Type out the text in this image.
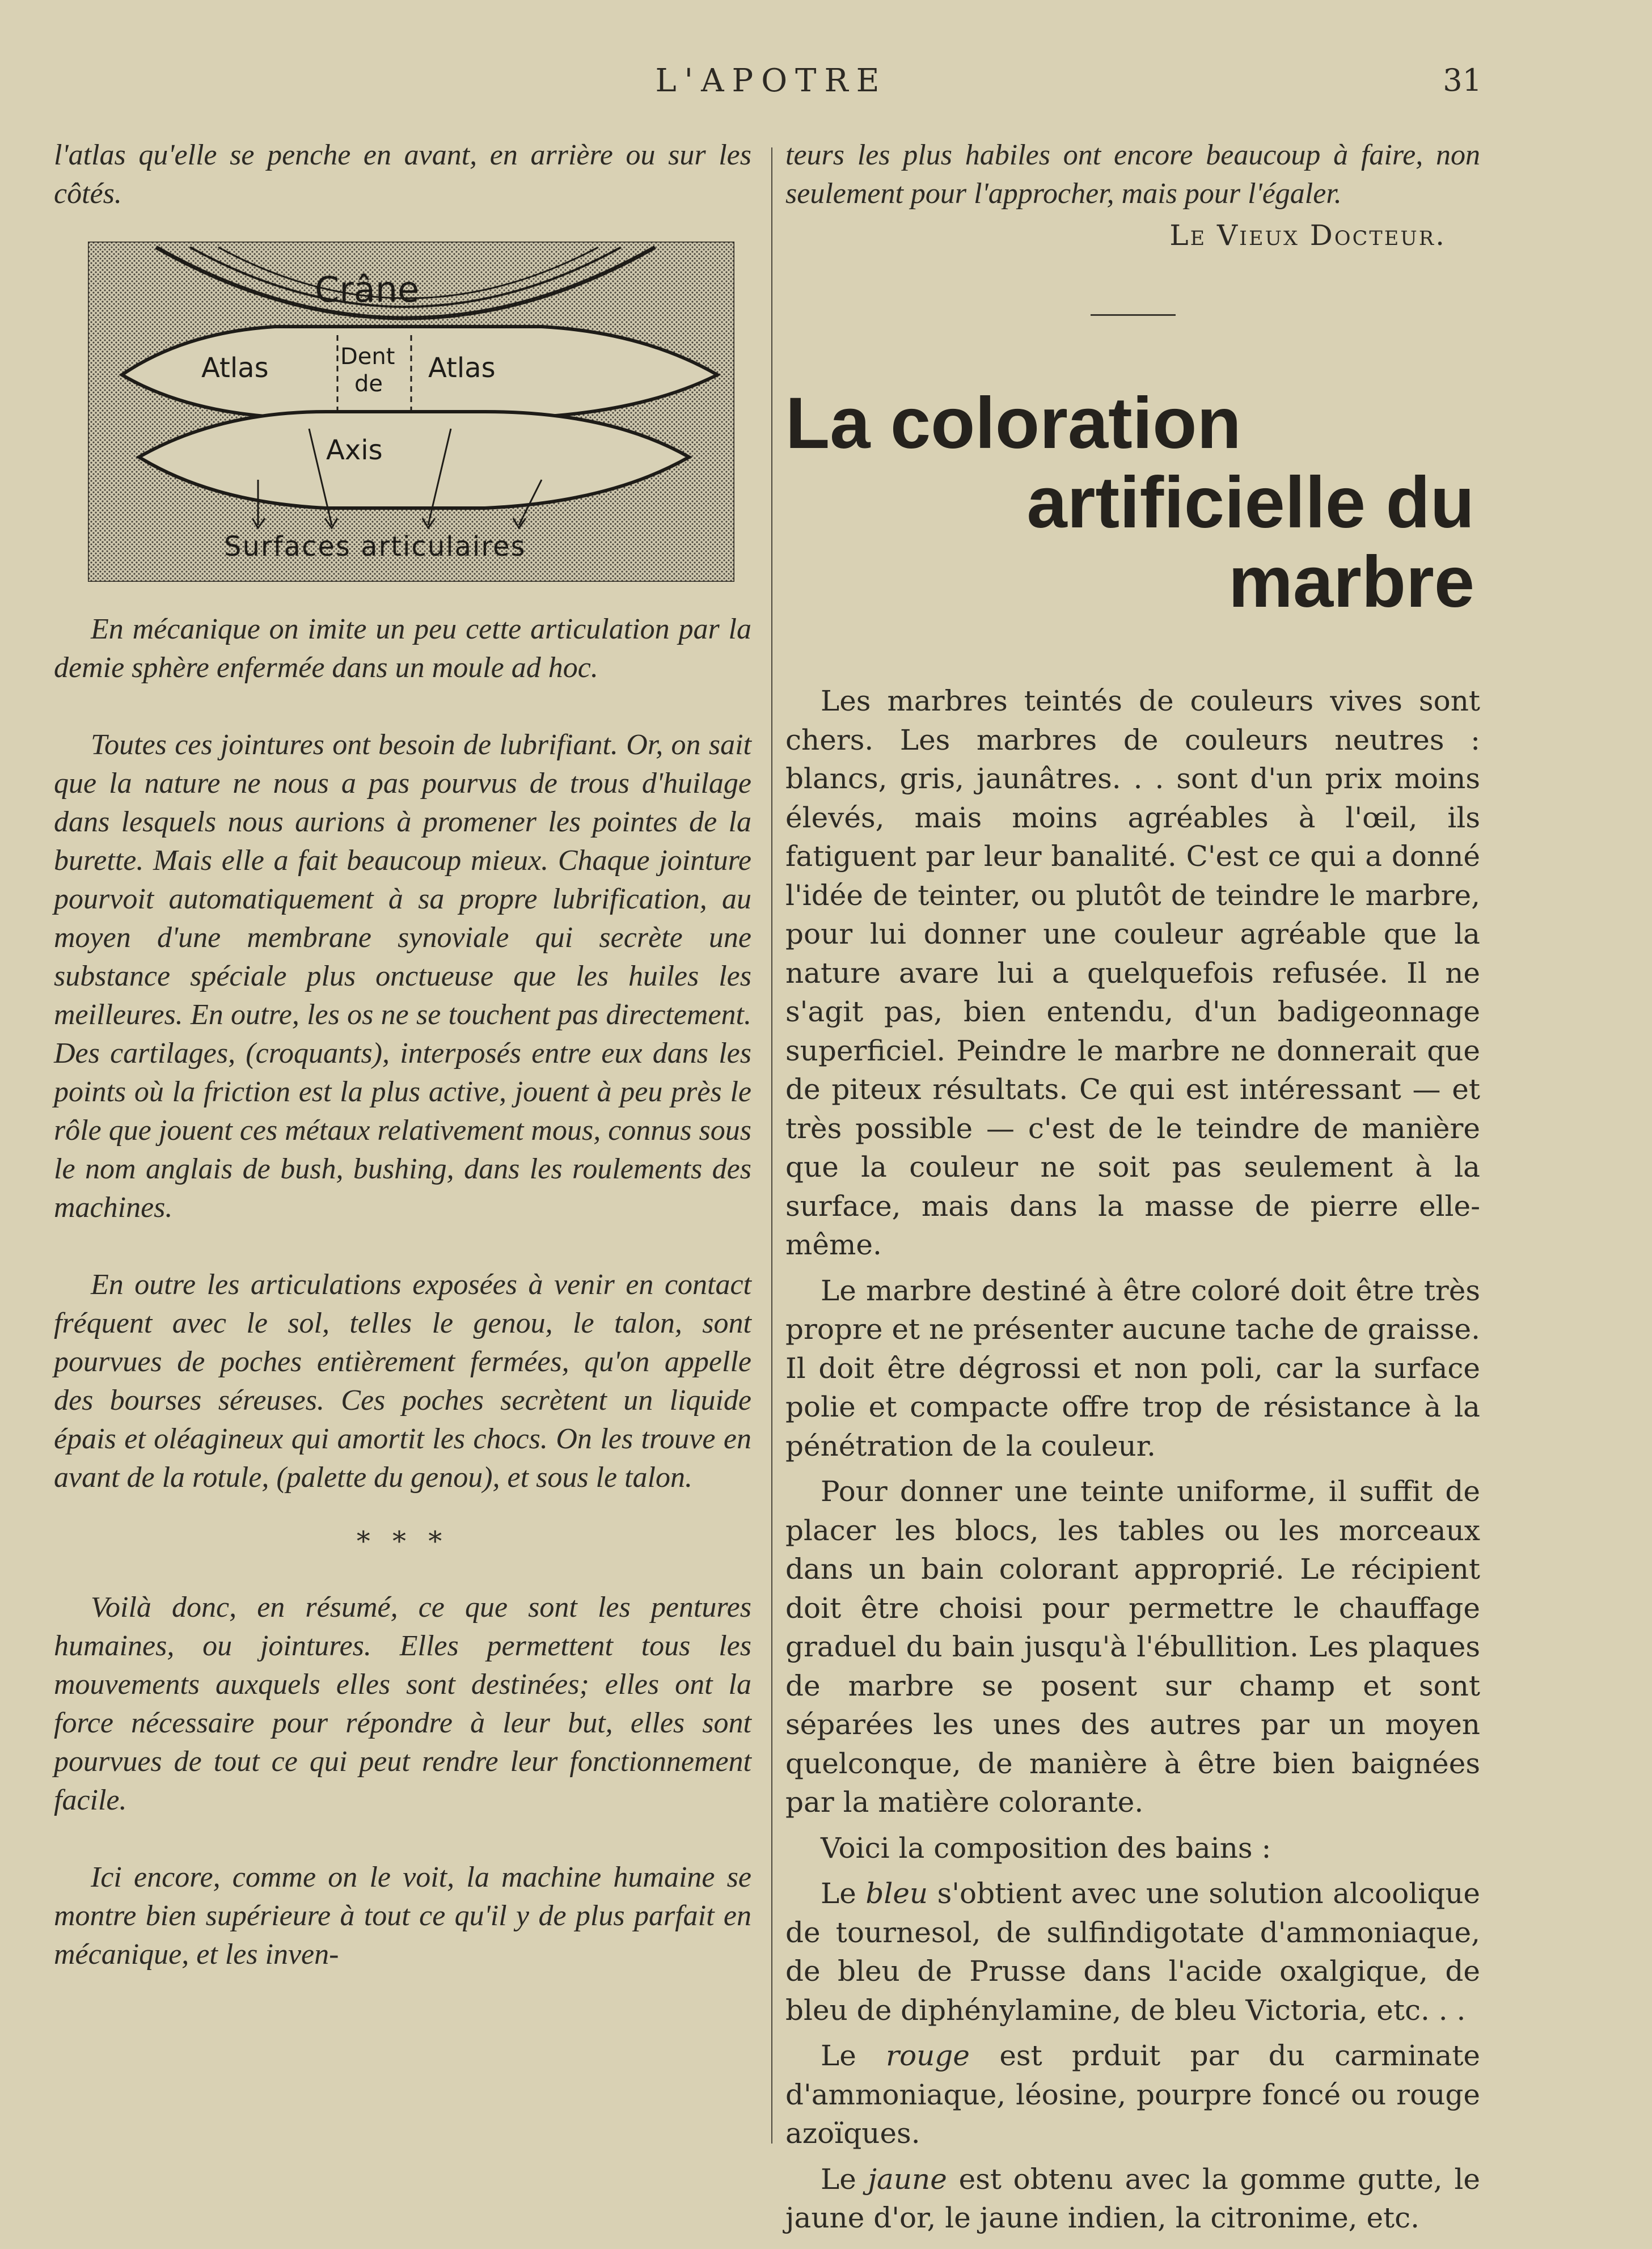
L'APOTRE	31

l'atlas qu'elle se penche en avant, en arrière ou sur les côtés.

Crâne
Atlas	Dent
de Atlas
Axis
Surfaces articulaires

En mécanique on imite un peu cette articulation par la demie sphère enfermée dans un moule ad hoc.

Toutes ces jointures ont besoin de lubrifiant. Or, on sait que la nature ne nous a pas pourvus de trous d'huilage dans lesquels nous aurions à promener les pointes de la burette. Mais elle a fait beaucoup mieux. Chaque jointure pourvoit automatiquement à sa propre lubrification, au moyen d'une membrane synoviale qui secrète une substance spéciale plus onctueuse que les huiles les meilleures. En outre, les os ne se touchent pas directement. Des cartilages, (croquants), interposés entre eux dans les points où la friction est la plus active, jouent à peu près le rôle que jouent ces métaux relativement mous, connus sous le nom anglais de bush, bushing, dans les roulements des machines.

En outre les articulations exposées à venir en contact fréquent avec le sol, telles le genou, le talon, sont pourvues de poches entièrement fermées, qu'on appelle des bourses séreuses. Ces poches secrètent un liquide épais et oléagineux qui amortit les chocs. On les trouve en avant de la rotule, (palette du genou), et sous le talon.

* * *

Voilà donc, en résumé, ce que sont les pentures humaines, ou jointures. Elles permettent tous les mouvements auxquels elles sont destinées; elles ont la force nécessaire pour répondre à leur but, elles sont pourvues de tout ce qui peut rendre leur fonctionnement facile.

Ici encore, comme on le voit, la machine humaine se montre bien supérieure à tout ce qu'il y de plus parfait en mécanique, et les inven-

teurs les plus habiles ont encore beaucoup à faire, non seulement pour l'approcher, mais pour l'égaler.

Le Vieux Docteur.
La coloration
artificielle du marbre

Les marbres teintés de couleurs vives sont chers. Les marbres de couleurs neutres : blancs, gris, jaunâtres. . . sont d'un prix moins élevés, mais moins agréables à l'œil, ils fatiguent par leur banalité. C'est ce qui a donné l'idée de teinter, ou plutôt de teindre le marbre, pour lui donner une couleur agréable que la nature avare lui a quelquefois refusée. Il ne s'agit pas, bien entendu, d'un badigeonnage superficiel. Peindre le marbre ne donnerait que de piteux résultats. Ce qui est intéressant — et très possible — c'est de le teindre de manière que la couleur ne soit pas seulement à la surface, mais dans la masse de pierre elle-même.

Le marbre destiné à être coloré doit être très propre et ne présenter aucune tache de graisse. Il doit être dégrossi et non poli, car la surface polie et compacte offre trop de résistance à la pénétration de la couleur.

Pour donner une teinte uniforme, il suffit de placer les blocs, les tables ou les morceaux dans un bain colorant approprié. Le récipient doit être choisi pour permettre le chauffage graduel du bain jusqu'à l'ébullition. Les plaques de marbre se posent sur champ et sont séparées les unes des autres par un moyen quelconque, de manière à être bien baignées par la matière colorante.

Voici la composition des bains :

Le bleu s'obtient avec une solution alcoolique de tournesol, de sulfindigotate d'ammoniaque, de bleu de Prusse dans l'acide oxalgique, de bleu de diphénylamine, de bleu Victoria, etc. . .

Le rouge est prduit par du carminate d'ammoniaque, léosine, pourpre foncé ou rouge azoïques.

Le jaune est obtenu avec la gomme gutte, le jaune d'or, le jaune indien, la citronime, etc.
